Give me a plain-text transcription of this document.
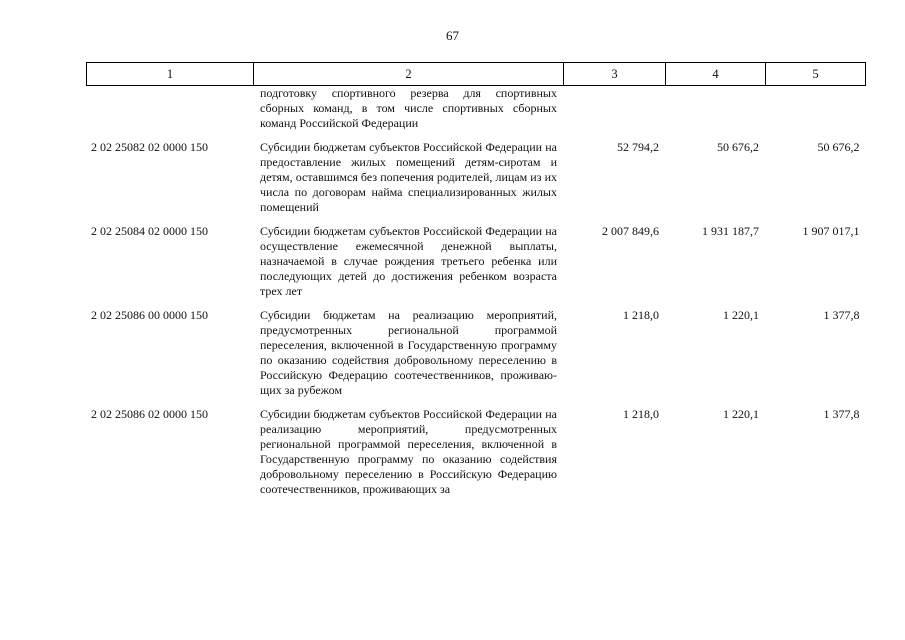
67
1	2	3	4	5
	подготовку спортивного резерва для спортивных сборных команд, в том числе спортивных сборных команд Российской Федерации			
2 02 25082 02 0000 150	Субсидии бюджетам субъектов Российской Федерации на предоставление жилых помещений детям-сиротам и детям, оставшимся без попечения родителей, лицам из их числа по договорам найма специализированных жилых помещений	52 794,2	50 676,2	50 676,2
2 02 25084 02 0000 150	Субсидии бюджетам субъектов Российской Федерации на осуществление ежемесячной денежной выплаты, назначаемой в случае рождения третьего ребенка или последующих детей до достижения ребенком возраста трех лет	2 007 849,6	1 931 187,7	1 907 017,1
2 02 25086 00 0000 150	Субсидии бюджетам на реализацию мероприятий, предусмотренных региональной программой переселения, включенной в Государственную программу по оказанию содействия добровольному переселению в Российскую Федерацию соотечественников, проживающих за рубежом	1 218,0	1 220,1	1 377,8
2 02 25086 02 0000 150	Субсидии бюджетам субъектов Российской Федерации на реализацию мероприятий, предусмотренных региональной программой переселения, включенной в Государственную программу по оказанию содействия добровольному переселению в Российскую Федерацию соотечественников, проживающих за	1 218,0	1 220,1	1 377,8
